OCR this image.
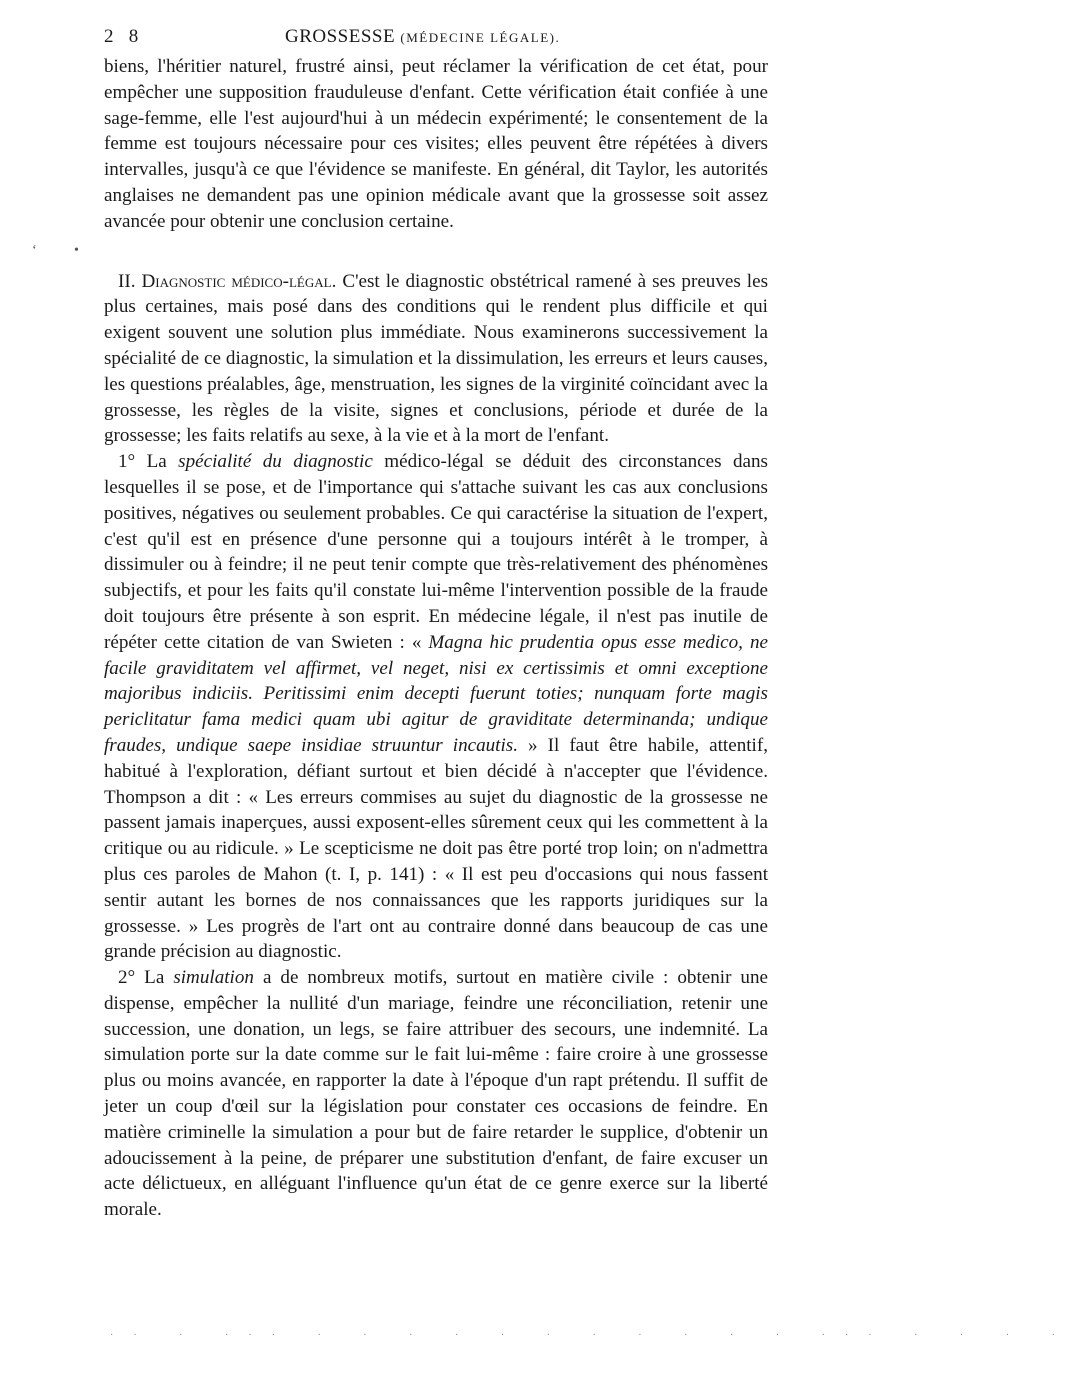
2⃨8	GROSSESSE (MÉDECINE LÉGALE).

biens, l'héritier naturel, frustré ainsi, peut réclamer la vérification de cet état, pour empêcher une supposition frauduleuse d'enfant. Cette vérification était confiée à une sage-femme, elle l'est aujourd'hui à un médecin expérimenté; le consentement de la femme est toujours nécessaire pour ces visites; elles peuvent être répétées à divers intervalles, jusqu'à ce que l'évidence se manifeste. En général, dit Taylor, les autorités anglaises ne demandent pas une opinion médicale avant que la grossesse soit assez avancée pour obtenir une conclusion certaine.

ʻ	•

II. Diagnostic médico-légal. C'est le diagnostic obstétrical ramené à ses preuves les plus certaines, mais posé dans des conditions qui le rendent plus difficile et qui exigent souvent une solution plus immédiate. Nous examinerons successivement la spécialité de ce diagnostic, la simulation et la dissimulation, les erreurs et leurs causes, les questions préalables, âge, menstruation, les signes de la virginité coïncidant avec la grossesse, les règles de la visite, signes et conclusions, période et durée de la grossesse; les faits relatifs au sexe, à la vie et à la mort de l'enfant.

1° La spécialité du diagnostic médico-légal se déduit des circonstances dans lesquelles il se pose, et de l'importance qui s'attache suivant les cas aux conclusions positives, négatives ou seulement probables. Ce qui caractérise la situation de l'expert, c'est qu'il est en présence d'une personne qui a toujours intérêt à le tromper, à dissimuler ou à feindre; il ne peut tenir compte que très-relativement des phénomènes subjectifs, et pour les faits qu'il constate lui-même l'intervention possible de la fraude doit toujours être présente à son esprit. En médecine légale, il n'est pas inutile de répéter cette citation de van Swieten : « Magna hic prudentia opus esse medico, ne facile graviditatem vel affirmet, vel neget, nisi ex certissimis et omni exceptione majoribus indiciis. Peritissimi enim decepti fuerunt toties; nunquam forte magis periclitatur fama medici quam ubi agitur de graviditate determinanda; undique fraudes, undique saepe insidiae struuntur incautis. » Il faut être habile, attentif, habitué à l'exploration, défiant surtout et bien décidé à n'accepter que l'évidence. Thompson a dit : « Les erreurs commises au sujet du diagnostic de la grossesse ne passent jamais inaperçues, aussi exposent-elles sûrement ceux qui les commettent à la critique ou au ridicule. » Le scepticisme ne doit pas être porté trop loin; on n'admettra plus ces paroles de Mahon (t. I, p. 141) : « Il est peu d'occasions qui nous fassent sentir autant les bornes de nos connaissances que les rapports juridiques sur la grossesse. » Les progrès de l'art ont au contraire donné dans beaucoup de cas une grande précision au diagnostic.

2° La simulation a de nombreux motifs, surtout en matière civile : obtenir une dispense, empêcher la nullité d'un mariage, feindre une réconciliation, retenir une succession, une donation, un legs, se faire attribuer des secours, une indemnité. La simulation porte sur la date comme sur le fait lui-même : faire croire à une grossesse plus ou moins avancée, en rapporter la date à l'époque d'un rapt prétendu. Il suffit de jeter un coup d'œil sur la législation pour constater ces occasions de feindre. En matière criminelle la simulation a pour but de faire retarder le supplice, d'obtenir un adoucissement à la peine, de préparer une substitution d'enfant, de faire excuser un acte délictueux, en alléguant l'influence qu'un état de ce genre exerce sur la liberté morale.

·· · ··· · · · · · · · · · · · ··· · · · ·
